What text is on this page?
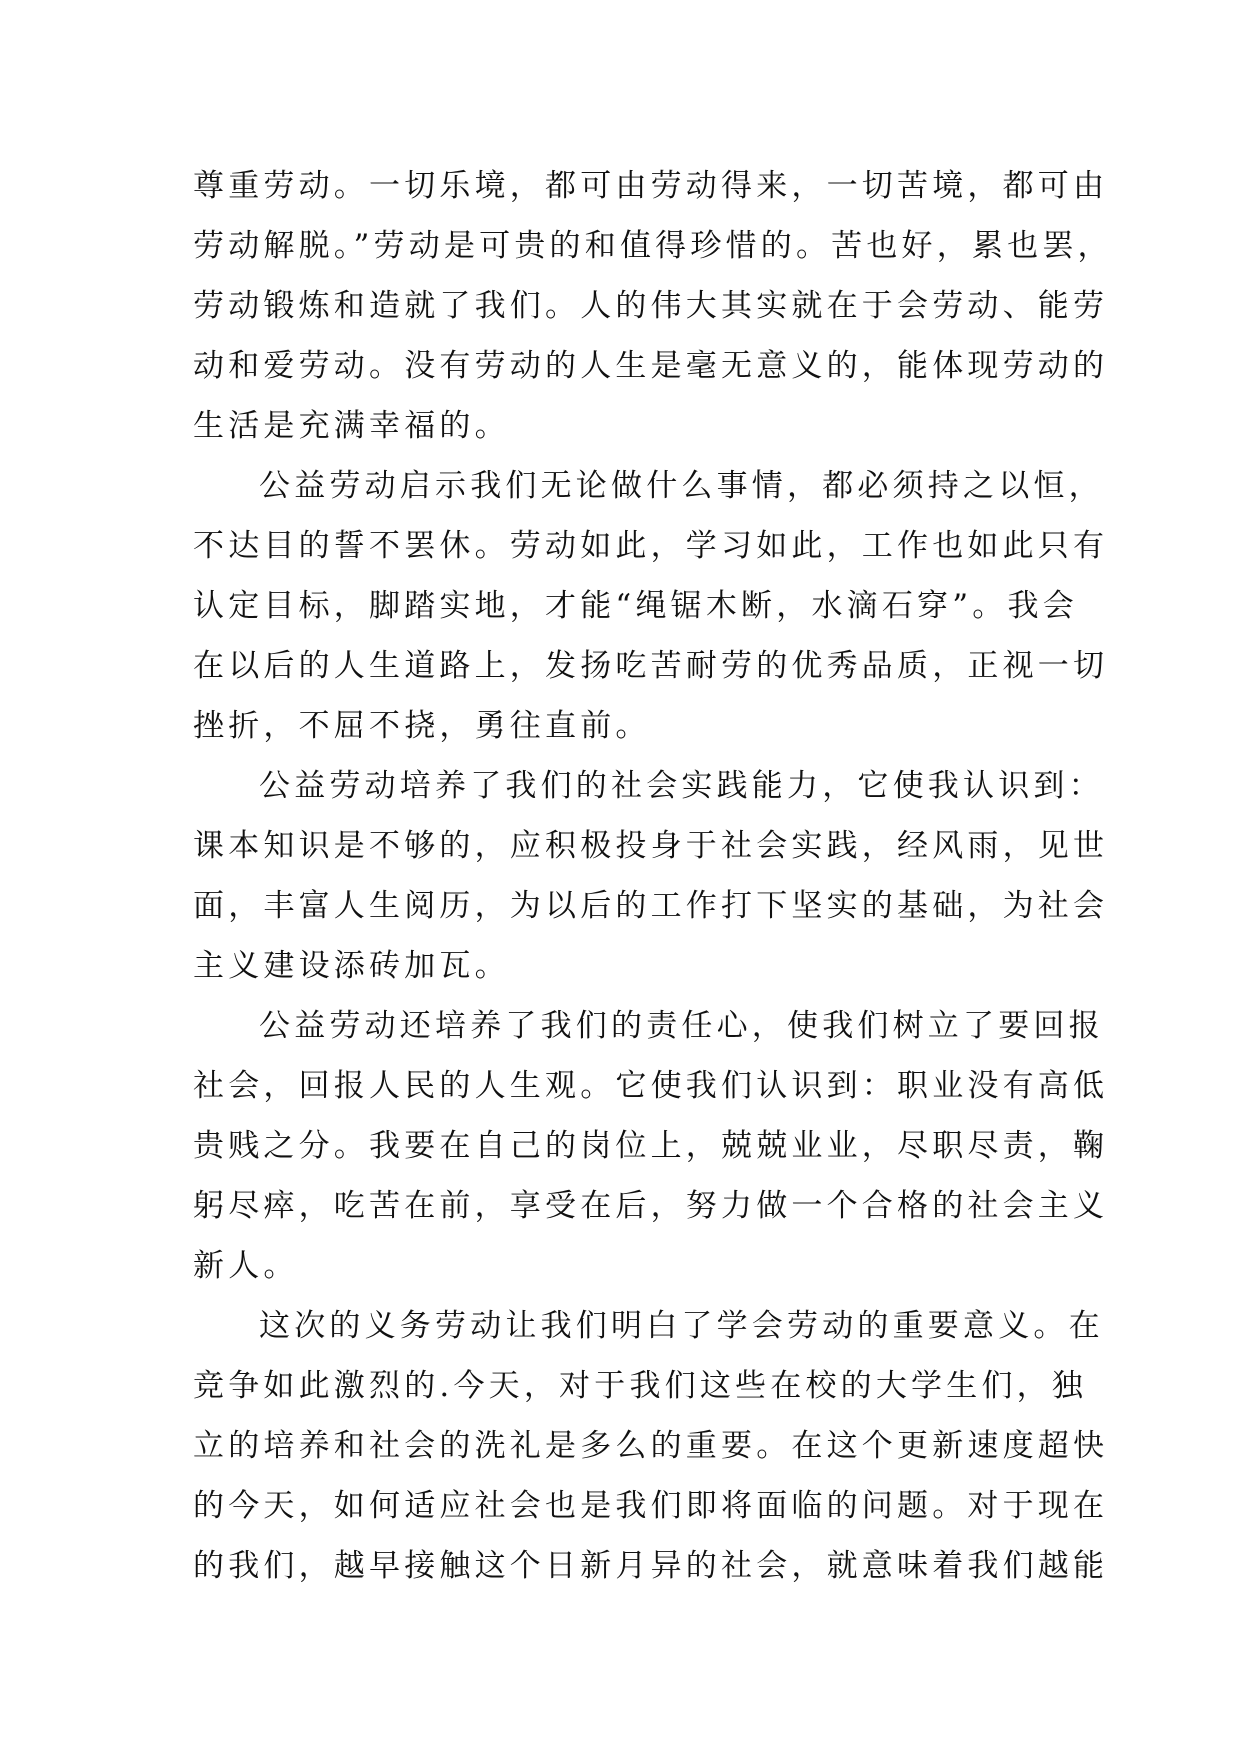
尊重劳动。一切乐境，都可由劳动得来，一切苦境，都可由
劳动解脱。”劳动是可贵的和值得珍惜的。苦也好，累也罢，
劳动锻炼和造就了我们。人的伟大其实就在于会劳动、能劳
动和爱劳动。没有劳动的人生是毫无意义的，能体现劳动的
生活是充满幸福的。
公益劳动启示我们无论做什么事情，都必须持之以恒，
不达目的誓不罢休。劳动如此，学习如此，工作也如此只有
认定目标，脚踏实地，才能“绳锯木断，水滴石穿”。我会
在以后的人生道路上，发扬吃苦耐劳的优秀品质，正视一切
挫折，不屈不挠，勇往直前。
公益劳动培养了我们的社会实践能力，它使我认识到：
课本知识是不够的，应积极投身于社会实践，经风雨，见世
面，丰富人生阅历，为以后的工作打下坚实的基础，为社会
主义建设添砖加瓦。
公益劳动还培养了我们的责任心，使我们树立了要回报
社会，回报人民的人生观。它使我们认识到：职业没有高低
贵贱之分。我要在自己的岗位上，兢兢业业，尽职尽责，鞠
躬尽瘁，吃苦在前，享受在后，努力做一个合格的社会主义
新人。
这次的义务劳动让我们明白了学会劳动的重要意义。在
竞争如此激烈的.今天，对于我们这些在校的大学生们，独
立的培养和社会的洗礼是多么的重要。在这个更新速度超快
的今天，如何适应社会也是我们即将面临的问题。对于现在
的我们，越早接触这个日新月异的社会，就意味着我们越能
